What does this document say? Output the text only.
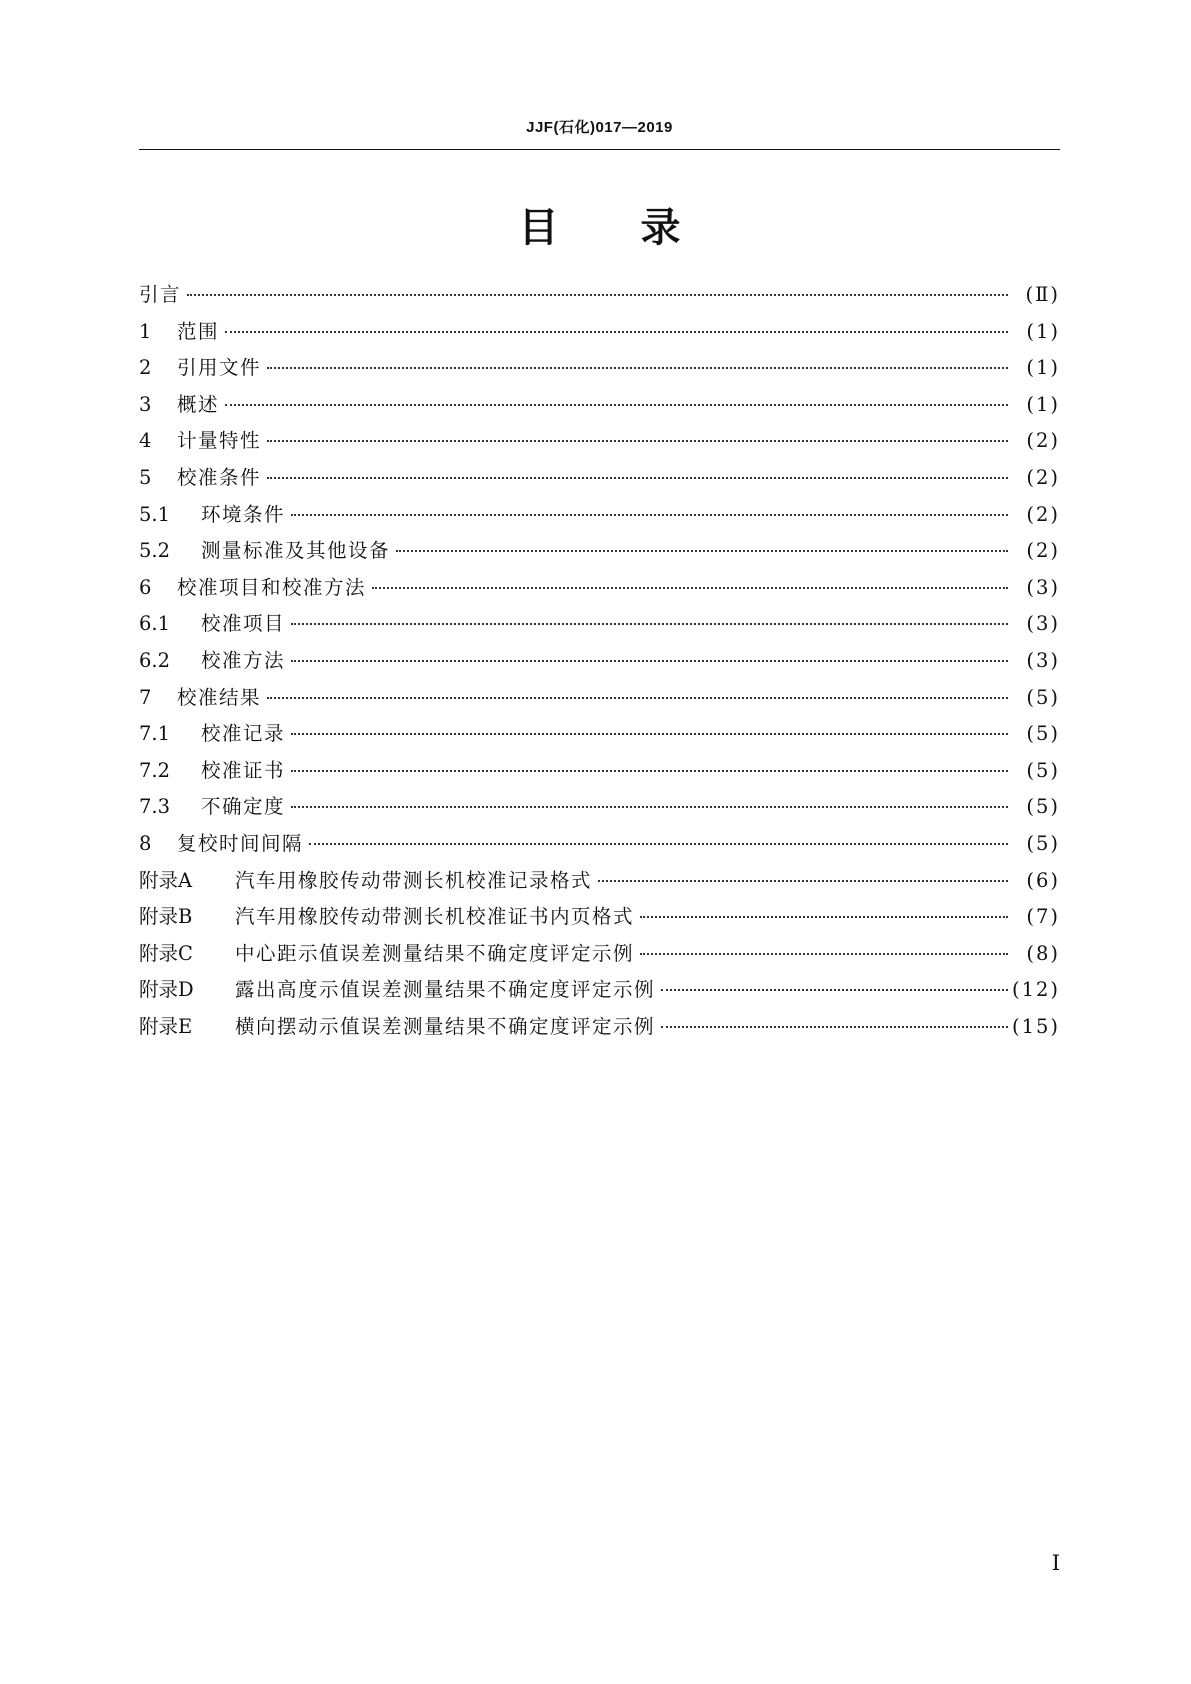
JJF(石化)017—2019
目录
引言	(Ⅱ)
1	范围	(1)
2	引用文件	(1)
3	概述	(1)
4	计量特性	(2)
5	校准条件	(2)
5.1	环境条件	(2)
5.2	测量标准及其他设备	(2)
6	校准项目和校准方法	(3)
6.1	校准项目	(3)
6.2	校准方法	(3)
7	校准结果	(5)
7.1	校准记录	(5)
7.2	校准证书	(5)
7.3	不确定度	(5)
8	复校时间间隔	(5)
附录A	汽车用橡胶传动带测长机校准记录格式	(6)
附录B	汽车用橡胶传动带测长机校准证书内页格式	(7)
附录C	中心距示值误差测量结果不确定度评定示例	(8)
附录D	露出高度示值误差测量结果不确定度评定示例	(12)
附录E	横向摆动示值误差测量结果不确定度评定示例	(15)
Ⅰ
